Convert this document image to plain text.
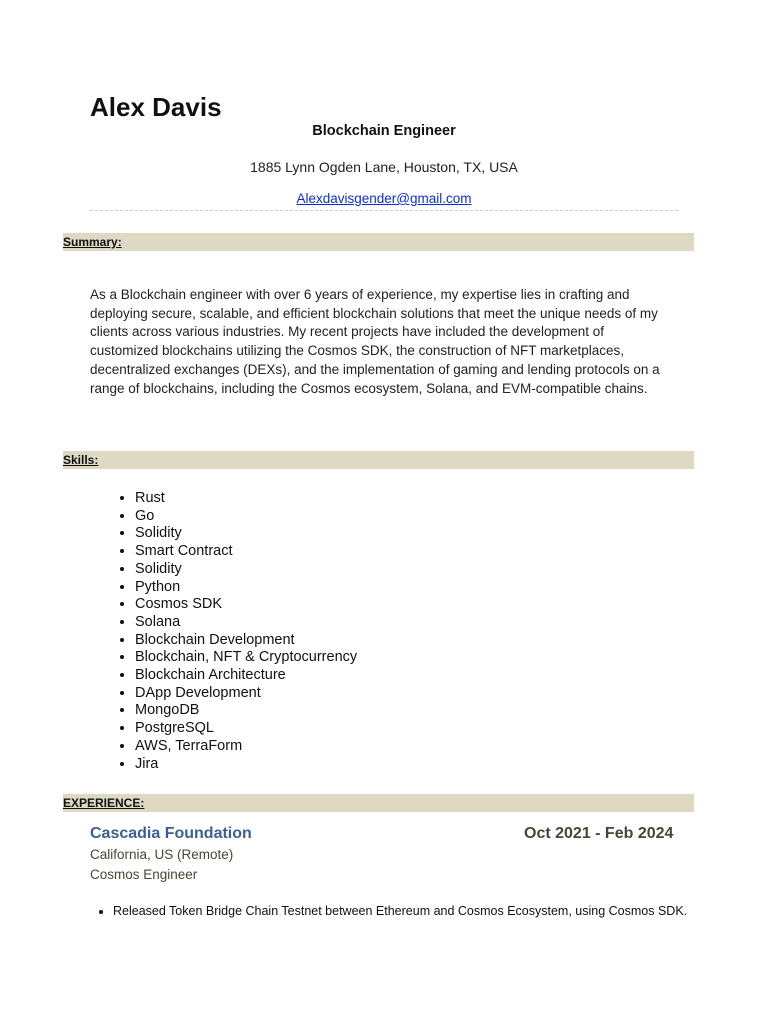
Alex Davis
Blockchain Engineer
1885 Lynn Ogden Lane, Houston, TX, USA
Alexdavisgender@gmail.com
Summary:
As a Blockchain engineer with over 6 years of experience, my expertise lies in crafting and deploying secure, scalable, and efficient blockchain solutions that meet the unique needs of my clients across various industries. My recent projects have included the development of customized blockchains utilizing the Cosmos SDK, the construction of NFT marketplaces, decentralized exchanges (DEXs), and the implementation of gaming and lending protocols on a range of blockchains, including the Cosmos ecosystem, Solana, and EVM-compatible chains.
Skills:
• Rust
• Go
• Solidity
• Smart Contract
• Solidity
• Python
• Cosmos SDK
• Solana
• Blockchain Development
• Blockchain, NFT & Cryptocurrency
• Blockchain Architecture
• DApp Development
• MongoDB
• PostgreSQL
• AWS, TerraForm
• Jira
EXPERIENCE:
Cascadia Foundation	Oct 2021 - Feb 2024
California, US (Remote)
Cosmos Engineer
• Released Token Bridge Chain Testnet between Ethereum and Cosmos Ecosystem, using Cosmos SDK.
